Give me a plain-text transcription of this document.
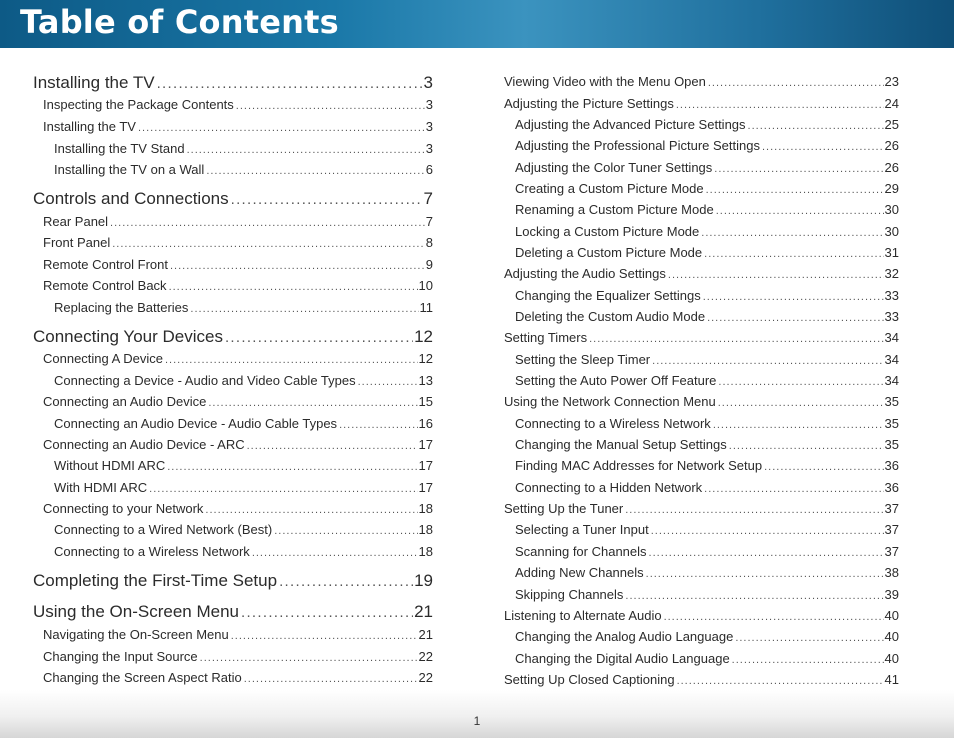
Table of Contents
Installing the TV .....	3
Inspecting the Package Contents .....	3
Installing the TV .....	3
Installing the TV Stand .....	3
Installing the TV on a Wall .....	6
Controls and Connections .....	7
Rear Panel .....	7
Front Panel .....	8
Remote Control Front .....	9
Remote Control Back .....	10
Replacing the Batteries .....	11
Connecting Your Devices .....	12
Connecting A Device .....	12
Connecting a Device - Audio and Video Cable Types .....	13
Connecting an Audio Device .....	15
Connecting an Audio Device - Audio Cable Types .....	16
Connecting an Audio Device - ARC .....	17
Without HDMI ARC .....	17
With HDMI ARC .....	17
Connecting to your Network .....	18
Connecting to a Wired Network (Best) .....	18
Connecting to a Wireless Network .....	18
Completing the First-Time Setup .....	19
Using the On-Screen Menu .....	21
Navigating the On-Screen Menu .....	21
Changing the Input Source .....	22
Changing the Screen Aspect Ratio .....	22
Viewing Video with the Menu Open .....	23
Adjusting the Picture Settings .....	24
Adjusting the Advanced Picture Settings .....	25
Adjusting the Professional Picture Settings .....	26
Adjusting the Color Tuner Settings .....	26
Creating a Custom Picture Mode .....	29
Renaming a Custom Picture Mode .....	30
Locking a Custom Picture Mode .....	30
Deleting a Custom Picture Mode .....	31
Adjusting the Audio Settings .....	32
Changing the Equalizer Settings .....	33
Deleting the Custom Audio Mode .....	33
Setting Timers .....	34
Setting the Sleep Timer .....	34
Setting the Auto Power Off Feature .....	34
Using the Network Connection Menu .....	35
Connecting to a Wireless Network .....	35
Changing the Manual Setup Settings .....	35
Finding MAC Addresses for Network Setup .....	36
Connecting to a Hidden Network .....	36
Setting Up the Tuner .....	37
Selecting a Tuner Input .....	37
Scanning for Channels .....	37
Adding New Channels .....	38
Skipping Channels .....	39
Listening to Alternate Audio .....	40
Changing the Analog Audio Language .....	40
Changing the Digital Audio Language .....	40
Setting Up Closed Captioning .....	41
1
